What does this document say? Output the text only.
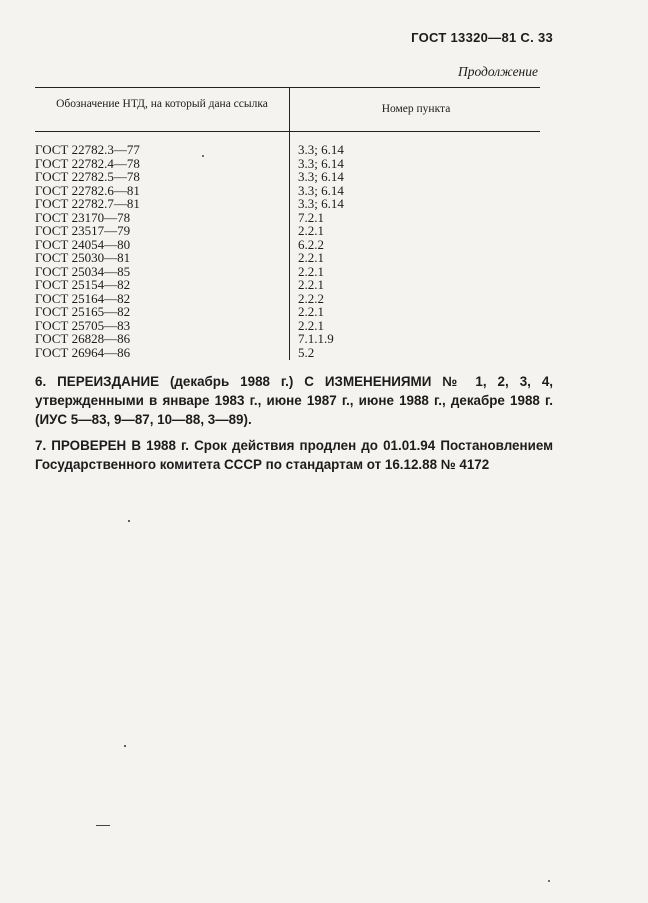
ГОСТ 13320—81 С. 33
Продолжение
Обозначение НТД, на который дана ссылка	Номер пункта
ГОСТ 22782.3—77	3.3; 6.14
ГОСТ 22782.4—78	3.3; 6.14
ГОСТ 22782.5—78	3.3; 6.14
ГОСТ 22782.6—81	3.3; 6.14
ГОСТ 22782.7—81	3.3; 6.14
ГОСТ 23170—78	7.2.1
ГОСТ 23517—79	2.2.1
ГОСТ 24054—80	6.2.2
ГОСТ 25030—81	2.2.1
ГОСТ 25034—85	2.2.1
ГОСТ 25154—82	2.2.1
ГОСТ 25164—82	2.2.2
ГОСТ 25165—82	2.2.1
ГОСТ 25705—83	2.2.1
ГОСТ 26828—86	7.1.1.9
ГОСТ 26964—86	5.2
6. ПЕРЕИЗДАНИЕ (декабрь 1988 г.) С ИЗМЕНЕНИЯМИ № 1, 2, 3, 4, утвержденными в январе 1983 г., июне 1987 г., июне 1988 г., декабре 1988 г. (ИУС 5—83, 9—87, 10—88, 3—89).
7. ПРОВЕРЕН В 1988 г. Срок действия продлен до 01.01.94 Постановлением Государственного комитета СССР по стандартам от 16.12.88 № 4172
